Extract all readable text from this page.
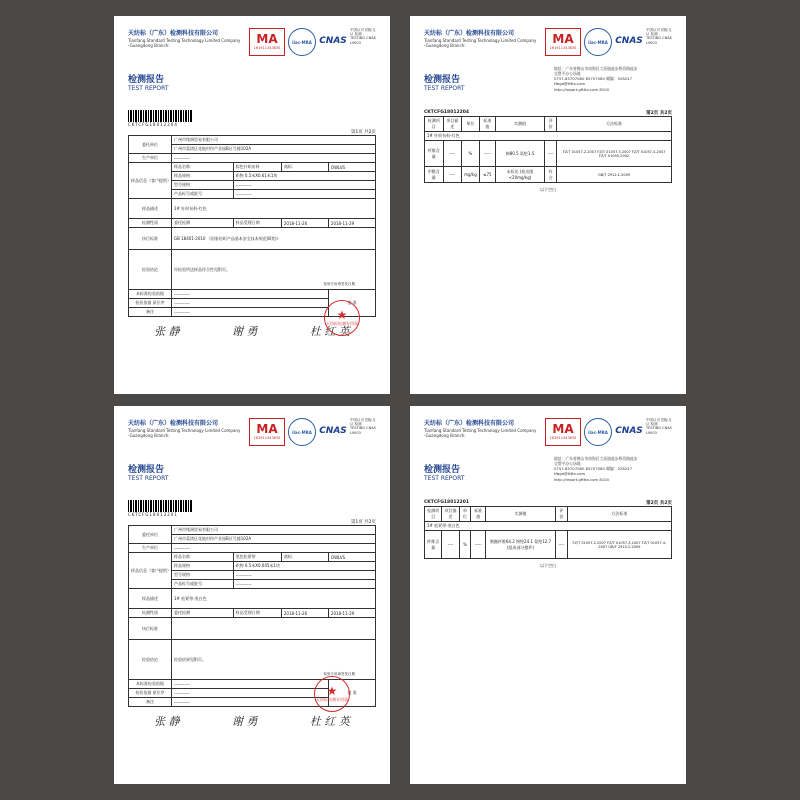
天纺标（广东）检测科技有限公司
Tianfang Standard Testing Technology Limited Company
-Guangdong Branch:	MA
161911343830
ilac-MRA CNAS
中国认可 国际互认 检测 TESTING CNAS L9003
检测报告
TEST REPORT
CKTCFG18012204
第1页 共2页
委托单位	广州市缘洲贸易有限公司			
	广州市荔湾区花地村经产业园B区号楼102A			
生产单位	-----------			
样品信息（客户提供）	样品名称：	棕色针织布料	商标：	OWLVS
	样品规格：	织物 0.5米X0.61米1块		
	型号规格：	-----------		
	产品标号或批号：	-----------		
样品描述	1# 针织布料-红色			
检测性质	委托检测	样品受理日期	2018-11-26	2018-11-29
执行标准	GB 18401-2010 《国家纺织产品基本安全技术规范(B类)》			
检验结论	经检验所送样品符合性见附页。
检验专用章签发日期			

本标准检验依据	-----------			批 准
检验依据 原位序	-----------			
备注	-----------				★
天纺标检测专用章
张 静	谢 勇	杜 红 英
天纺标（广东）检测科技有限公司
Tianfang Standard Testing Technology Limited Company
-Guangdong Branch:	MA
161911343830
ilac-MRA CNAS
中国认可 国际互认 检测 TESTING CNAS L9003
检测报告
TEST REPORT
地址：广东省佛山市南海区大沥镇盐步桥西路盐步
交警平办公场地
0757-85707080 85707080 邮编：528247
tfbgd@tfttx.com
http://report.gftttx.com 8100
CKTCFG18012204	第2页 共2页
检测项目	项目描述	单位	标准值	实测值	评价	方法标准
1# 针织布料-红色						
纤维含量	----	%	-----	棉80.5 氨纶1.5	----	FZ/T 01057.2-2007 FZ/T 01057.3-2007 FZ/T 01057.4-2007 FZ/T 01095-2002
甲醛含量	----	mg/kg	≤75	未检出 (检出限<20mg/kg)	符合	GB/T 2912.1-2009
以下空白
天纺标（广东）检测科技有限公司
Tianfang Standard Testing Technology Limited Company
-Guangdong Branch:	MA
161911343830
ilac-MRA CNAS
中国认可 国际互认 检测 TESTING CNAS L9003
检测报告
TEST REPORT
CKTCFG18012201
第1页 共2页
委托单位	广州市缘洲贸易有限公司			
	广州市荔湾区花地村经产业园B区号楼102A			
生产单位	-----------			
样品信息（客户提供）	样品名称：	黑色松紧带	商标：	OWLVS
	样品规格：	织物 0.5米X0.045米1块		
	型号规格：	-----------		
	产品标号或批号：	-----------		
样品描述	1# 松紧带-黑白色			
检测性质	委托检测	样品受理日期	2018-11-26	2018-11-29
执行标准				
检验结论	检验结果见附页。
检验专用章签发日期			

本标准检验依据	-----------			批 准
检验依据 原位序	-----------			
备注	-----------			
★
天纺标检测专用章
张 静	谢 勇	杜 红 英
天纺标（广东）检测科技有限公司
Tianfang Standard Testing Technology Limited Company
-Guangdong Branch:	MA
161911343830
ilac-MRA CNAS
中国认可 国际互认 检测 TESTING CNAS L9003
检测报告
TEST REPORT
地址：广东省佛山市南海区大沥镇盐步桥西路盐步
交警平办公场地
0757-85707080 85707080 邮编：528247
tfbgd@tfttx.com
http://report.gftttx.com 8100
CKTCFG18012201	第2页 共2页
检测项目	项目描述	单位	标准值	实测值	评价	方法标准
1# 松紧带-黑白色						
纤维含量	----	%	-----	聚酯纤维64.2 锦纶24.1 氨纶12.7 (组成部分整件)	----	FZ/T 01057.2-2007 FZ/T 01057.3-2007 FZ/T 01057.4-2007 GB/T 2910.2-2009
以下空白
